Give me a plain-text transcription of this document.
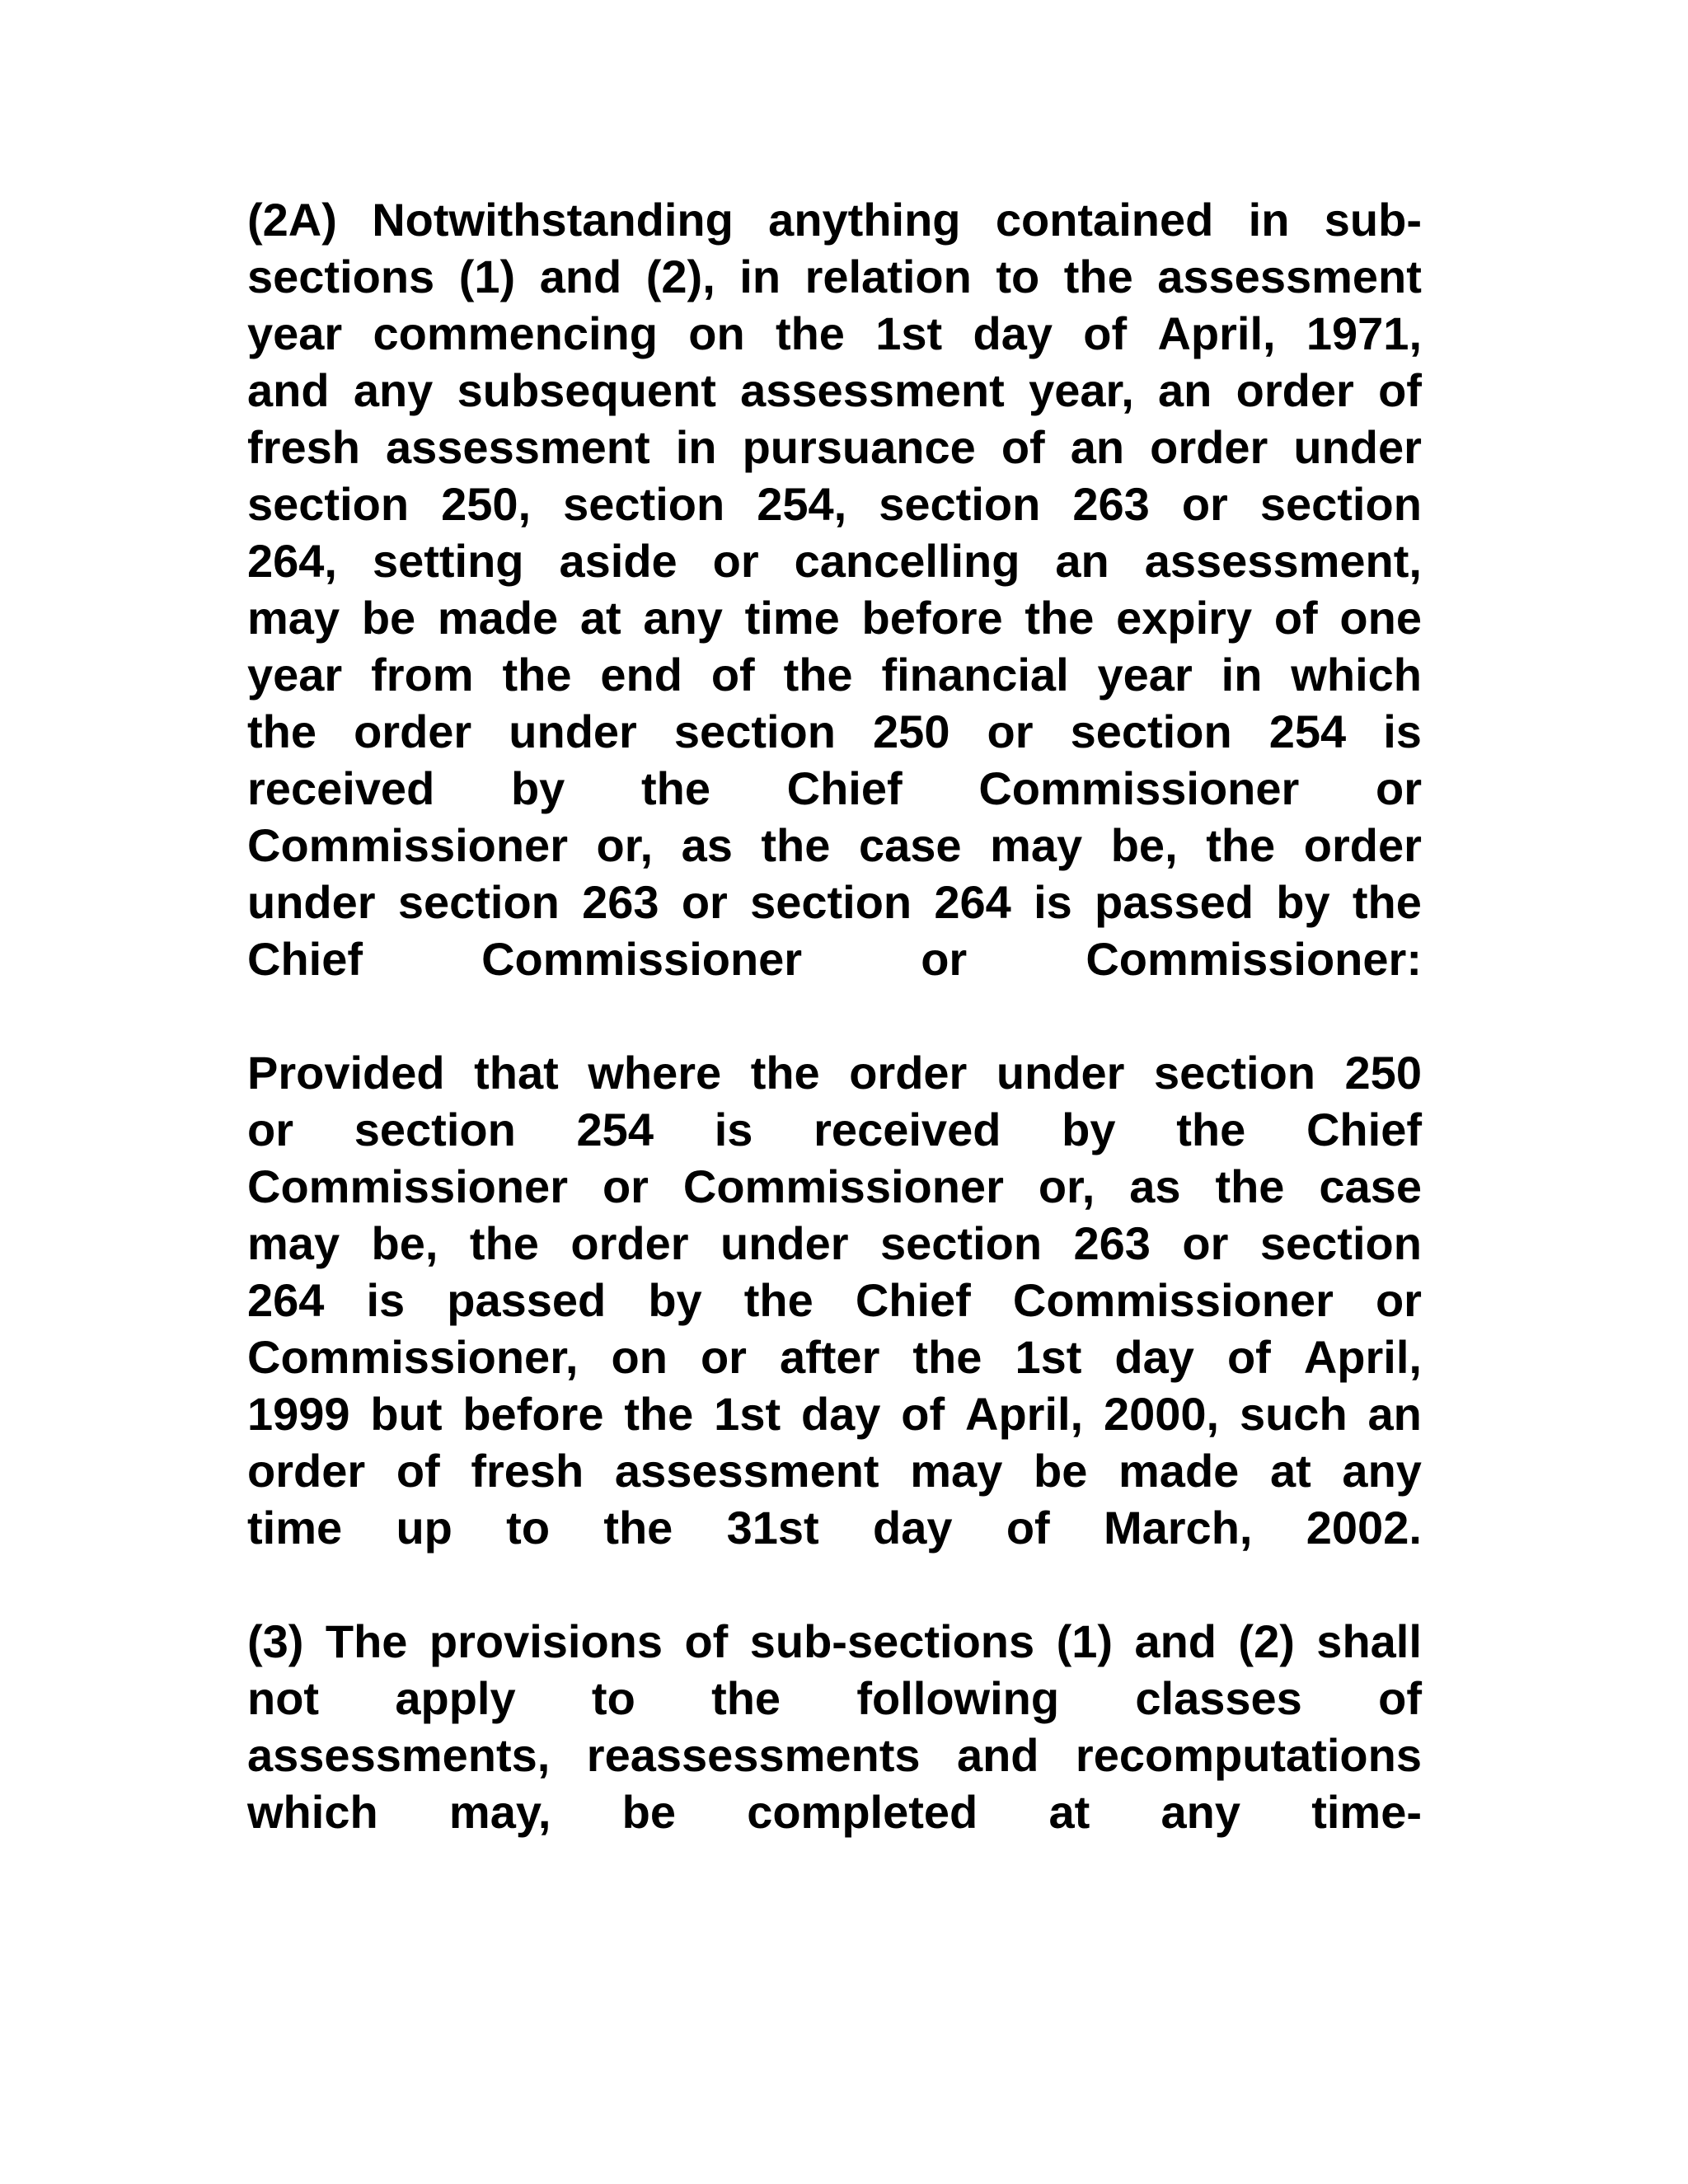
(2A) Notwithstanding anything contained in sub-
sections (1) and (2), in relation to the assessment
year commencing on the 1st day of April, 1971,
and any subsequent assessment year, an order of
fresh assessment in pursuance of an order under
section 250, section 254, section 263 or section
264, setting aside or cancelling an assessment,
may be made at any time before the expiry of one
year from the end of the financial year in which
the order under section 250 or section 254 is
received by the Chief Commissioner or
Commissioner or, as the case may be, the order
under section 263 or section 264 is passed by the
Chief	Commissioner	or	Commissioner:
Provided that where the order under section 250
or section 254 is received by the Chief
Commissioner or Commissioner or, as the case
may be, the order under section 263 or section
264 is passed by the Chief Commissioner or
Commissioner, on or after the 1st day of April,
1999 but before the 1st day of April, 2000, such an
order of fresh assessment may be made at any
time up to the 31st day of March, 2002.
(3) The provisions of sub-sections (1) and (2) shall
not apply to the following classes of
assessments, reassessments and recomputations
which may, be completed at any time-
